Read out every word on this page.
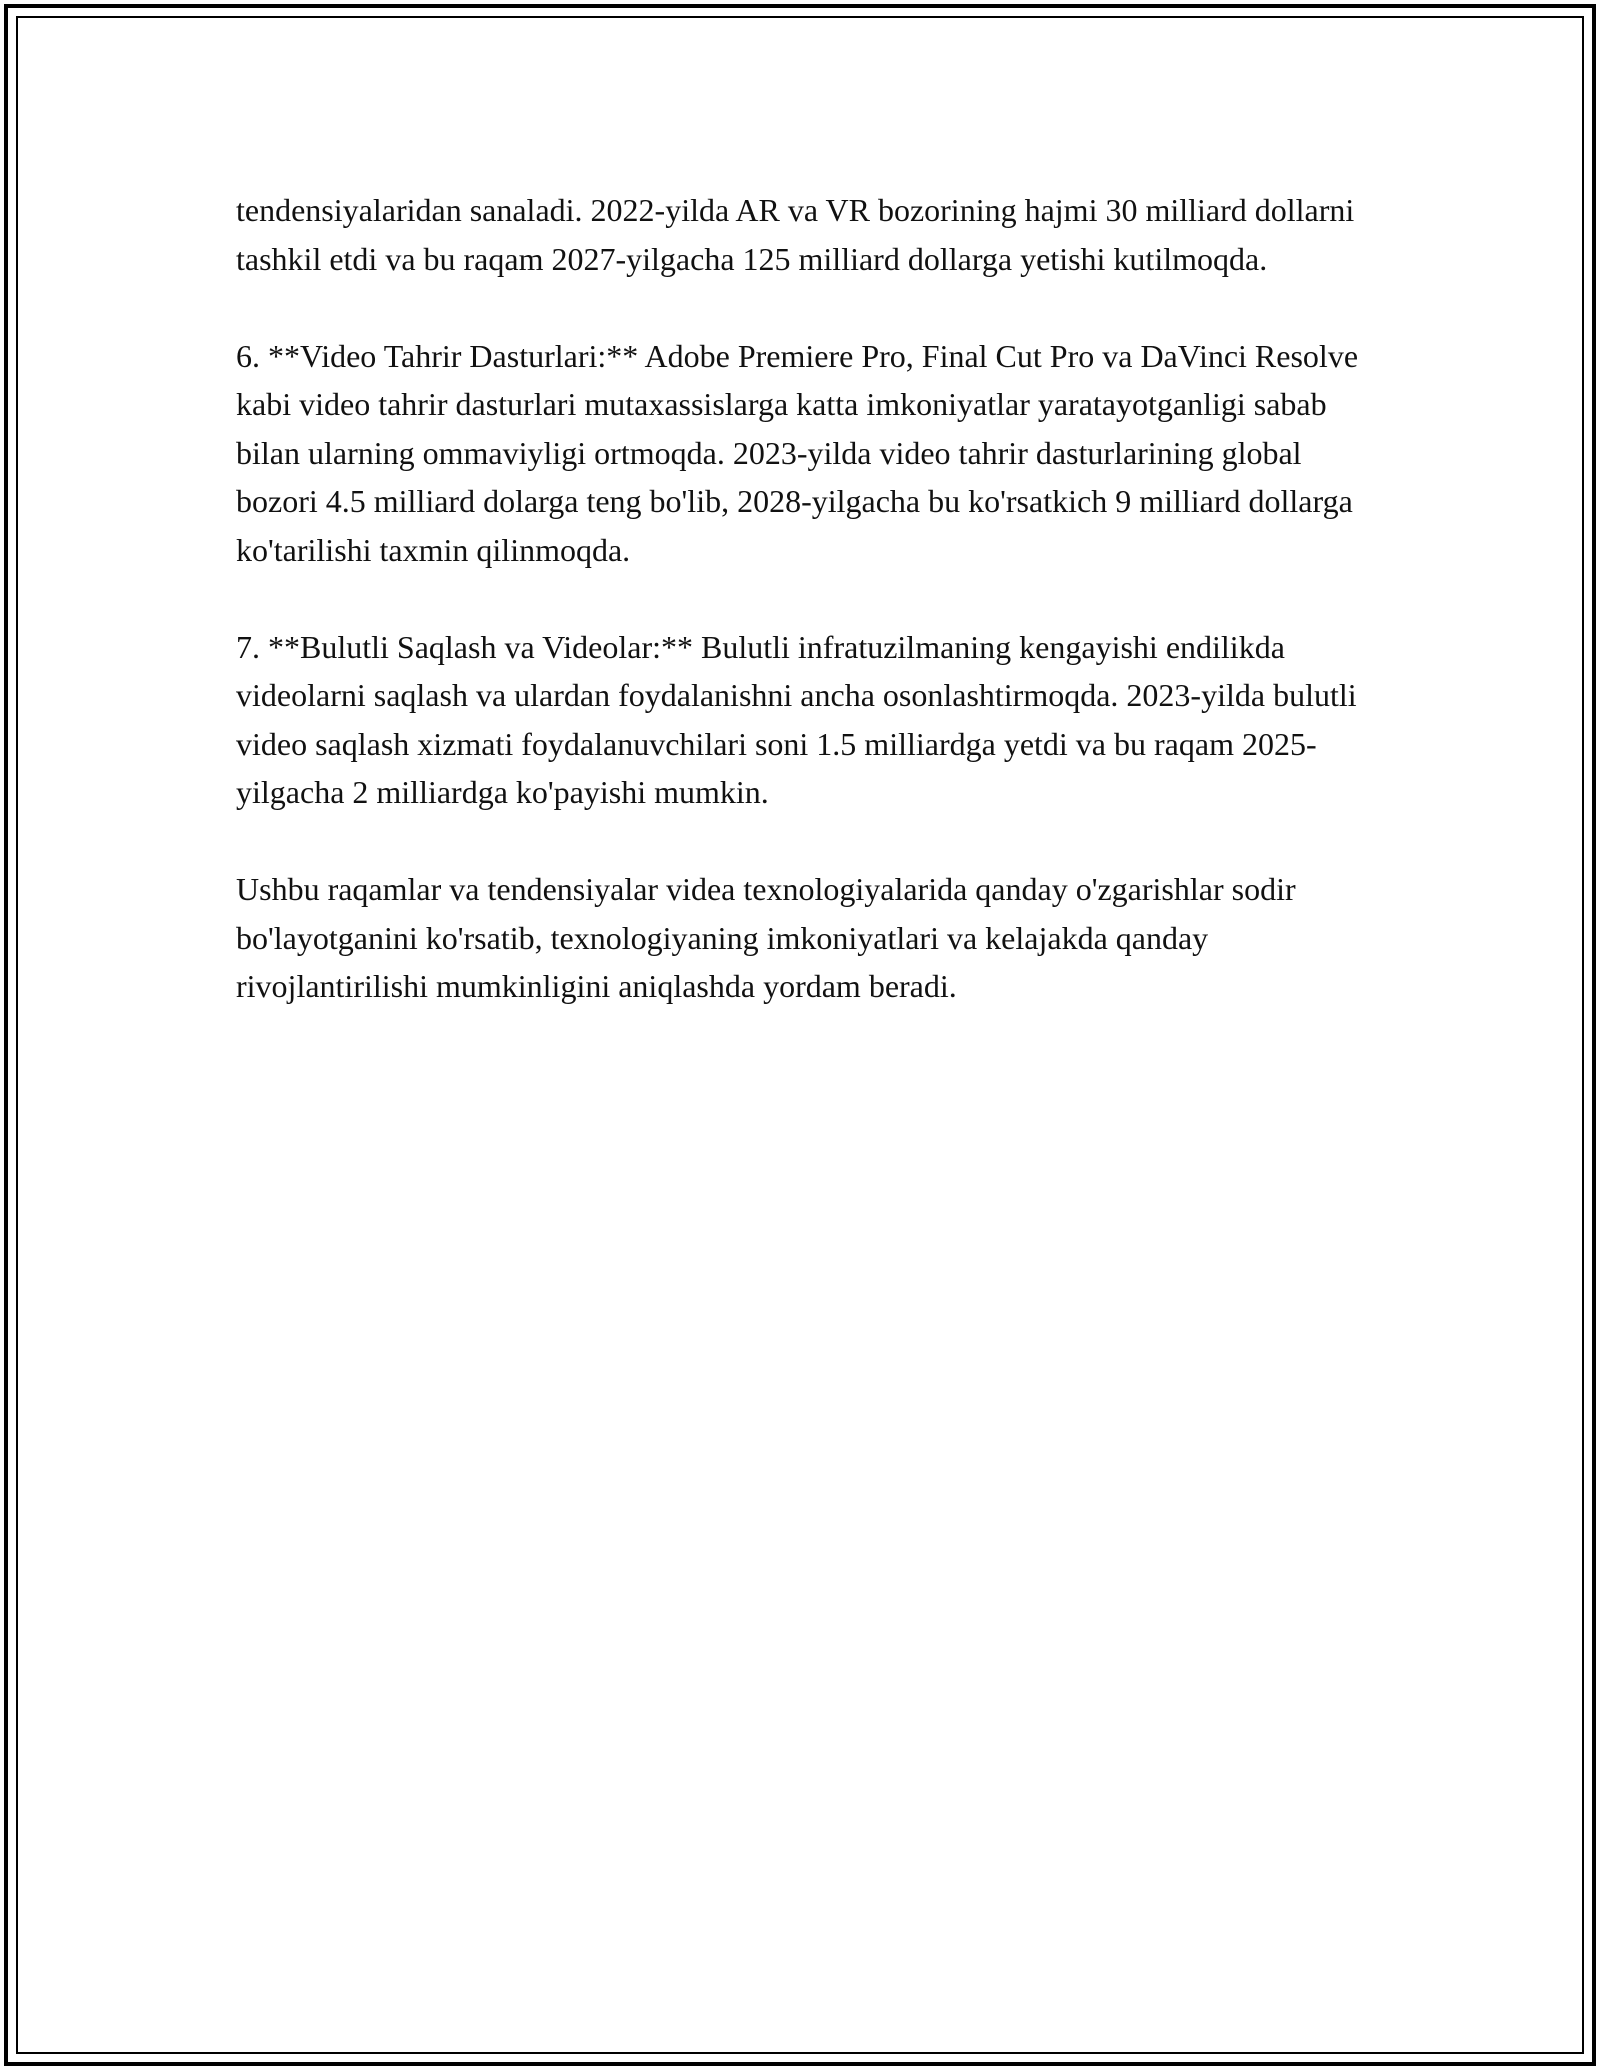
tendensiyalaridan sanaladi. 2022-yilda AR va VR bozorining hajmi 30 milliard dollarni tashkil etdi va bu raqam 2027-yilgacha 125 milliard dollarga yetishi kutilmoqda.

6. **Video Tahrir Dasturlari:** Adobe Premiere Pro, Final Cut Pro va DaVinci Resolve kabi video tahrir dasturlari mutaxassislarga katta imkoniyatlar yaratayotganligi sabab bilan ularning ommaviyligi ortmoqda. 2023-yilda video tahrir dasturlarining global bozori 4.5 milliard dolarga teng bo'lib, 2028-yilgacha bu ko'rsatkich 9 milliard dollarga ko'tarilishi taxmin qilinmoqda.

7. **Bulutli Saqlash va Videolar:** Bulutli infratuzilmaning kengayishi endilikda videolarni saqlash va ulardan foydalanishni ancha osonlashtirmoqda. 2023-yilda bulutli video saqlash xizmati foydalanuvchilari soni 1.5 milliardga yetdi va bu raqam 2025-yilgacha 2 milliardga ko'payishi mumkin.

Ushbu raqamlar va tendensiyalar videa texnologiyalarida qanday o'zgarishlar sodir bo'layotganini ko'rsatib, texnologiyaning imkoniyatlari va kelajakda qanday rivojlantirilishi mumkinligini aniqlashda yordam beradi.
